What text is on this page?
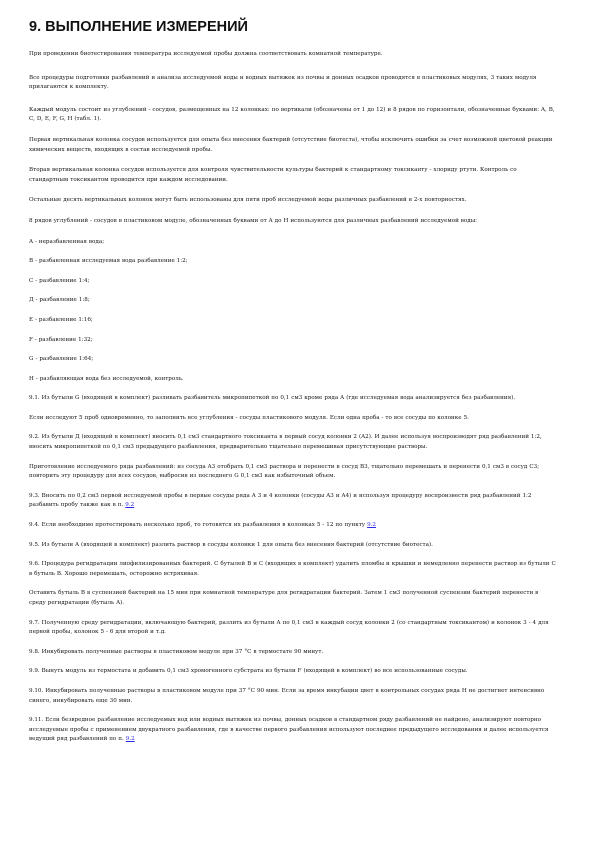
9. ВЫПОЛНЕНИЕ ИЗМЕРЕНИЙ

При проведении биотестирования температура исследуемой пробы должна соответствовать комнатной температуре.

Все процедуры подготовки разбавлений и анализа исследуемой воды и водных вытяжек из почвы и донных осадков проводятся в пластиковых модулях, 3 таких модуля прилагаются к комплекту.

Каждый модуль состоит из углублений - сосудов, размещенных на 12 колонках: по вертикали (обозначены от 1 до 12) и 8 рядов по горизонтали, обозначенные буквами: A, B, C, D, E, F, G, H (табл. 1).

Первая вертикальная колонка сосудов используется для опыта без внесения бактерий (отсутствие биотеста), чтобы исключить ошибки за счет возможной цветовой реакции химических веществ, входящих в состав исследуемой пробы.

Вторая вертикальная колонка сосудов используется для контроля чувствительности культуры бактерий к стандартному токсиканту - хлориду ртути. Контроль со стандартным токсикантом проводится при каждом исследовании.

Остальные десять вертикальных колонок могут быть использованы для пяти проб исследуемой воды различных разбавлений в 2-х повторностях.

8 рядов углублений - сосудов в пластиковом модуле, обозначенных буквами от A до H используются для различных разбавлений исследуемой воды:

A - неразбавленная вода;

B - разбавленная исследуемая вода разбавление 1:2;

C - разбавление 1:4;

Д - разбавление 1:8;

E - разбавление 1:16;

F - разбавление 1:32;

G - разбавление 1:64;

H - разбавляющая вода без исследуемой, контроль.

9.1. Из бутыли G (входящей в комплект) разливать разбавитель микропипеткой по 0,1 см3 кроме ряда A (где исследуемая вода анализируется без разбавления).

Если исследуют 5 проб одновременно, то заполнить все углубления - сосуды пластикового модуля. Если одна проба - то все сосуды по колонке 5.

9.2. Из бутыли Д (входящей в комплект) вносить 0,1 см3 стандартного токсиканта в первый сосуд колонки 2 (A2). И далее используя воспроизводят ряд разбавлений 1:2, вносить микропипеткой по 0,1 см3 предыдущего разбавления, предварительно тщательно перемешивая присутствующие растворы.

Приготовление исследуемого ряда разбавлений: из сосуда A3 отобрать 0,1 см3 раствора и перенести в сосуд B3, тщательно перемешать и перенести 0,1 см3 в сосуд C3; повторить эту процедуру для всех сосудов, выбросив из последнего G 0,1 см3 как избыточный объем.

9.3. Вносить по 0,2 см3 первой исследуемой пробы в первые сосуды ряда A 3 и 4 колонки (сосуды A3 и A4) и используя процедуру воспроизвести ряд разбавлений 1:2 разбавить пробу также как в п. 9.2

9.4. Если необходимо протестировать несколько проб, то готовятся их разбавления в колонках 5 - 12 по пункту 9.2

9.5. Из бутыли A (входящей в комплект) разлить раствор в сосуды колонки 1 для опыта без внесения бактерий (отсутствие биотеста).

9.6. Процедура регидратации лиофилизированных бактерий. С бутылей B и C (входящих в комплект) удалить пломбы и крышки и немедленно перенести раствор из бутыли C в бутыль B. Хорошо перемешать, осторожно встряхивая.

Оставить бутыль B в суспензией бактерий на 15 мин при комнатной температуре для регидратации бактерий. Затем 1 см3 полученной суспензии бактерий перенести в среду регидратации (бутыль A).

9.7. Полученную среду регидратации, включающую бактерий, разлить из бутыли A по 0,1 см3 в каждый сосуд колонки 2 (со стандартным токсикантом) и колонок 3 - 4 для первой пробы, колонок 5 - 6 для второй и т.д.

9.8. Инкубировать полученные растворы в пластиковом модуле при 37 °C в термостате 90 минут.

9.9. Вынуть модуль из термостата и добавить 0,1 см3 хромогенного субстрата из бутыли F (входящей в комплект) во все использованные сосуды.

9.10. Инкубировать полученные растворы в пластиковом модуле при 37 °C 90 мин. Если за время инкубации цвет в контрольных сосудах ряда H не достигнет интенсивно синего, инкубировать еще 30 мин.

9.11. Если безвредное разбавление исследуемых вод или водных вытяжек из почвы, донных осадков в стандартном ряду разбавлений не найдено, анализируют повторно исследуемые пробы с применением двукратного разбавления, где в качестве первого разбавления используют последнее предыдущего исследования и далее используется ведущий ряд разбавлений по п. 9.2
